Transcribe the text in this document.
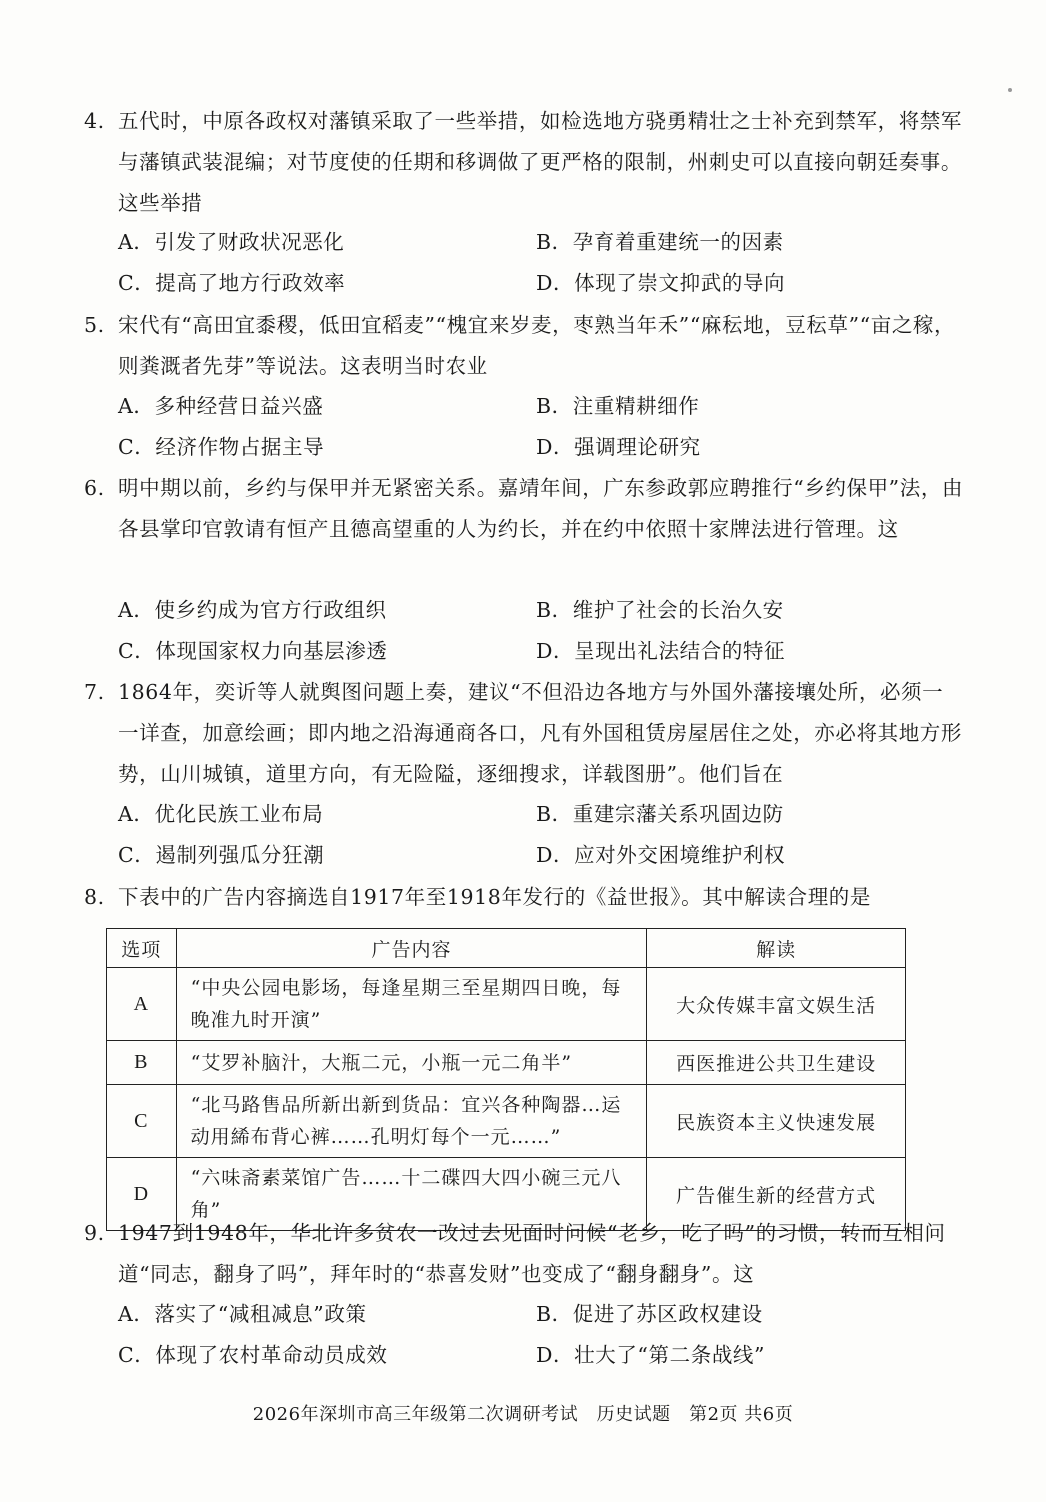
4. 五代时，中原各政权对藩镇采取了一些举措，如检选地方骁勇精壮之士补充到禁军，将禁军与藩镇武装混编；对节度使的任期和移调做了更严格的限制，州刺史可以直接向朝廷奏事。这些举措
A．引发了财政状况恶化	B．孕育着重建统一的因素
C．提高了地方行政效率	D．体现了崇文抑武的导向
5. 宋代有“高田宜黍稷，低田宜稻麦”“槐宜来岁麦，枣熟当年禾”“麻秐地，豆秐草”“亩之稼，则粪溉者先芽”等说法。这表明当时农业
A．多种经营日益兴盛	B．注重精耕细作
C．经济作物占据主导	D．强调理论研究
6. 明中期以前，乡约与保甲并无紧密关系。嘉靖年间，广东参政郭应聘推行“乡约保甲”法，由各县掌印官敦请有恒产且德高望重的人为约长，并在约中依照十家牌法进行管理。这
A．使乡约成为官方行政组织	B．维护了社会的长治久安
C．体现国家权力向基层渗透	D．呈现出礼法结合的特征
7. 1864年，奕䜣等人就舆图问题上奏，建议“不但沿边各地方与外国外藩接壤处所，必须一一详查，加意绘画；即内地之沿海通商各口，凡有外国租赁房屋居住之处，亦必将其地方形势，山川城镇，道里方向，有无险隘，逐细搜求，详载图册”。他们旨在
A．优化民族工业布局	B．重建宗藩关系巩固边防
C．遏制列强瓜分狂潮	D．应对外交困境维护利权
8. 下表中的广告内容摘选自1917年至1918年发行的《益世报》。其中解读合理的是
选项	广告内容	解读
A	“中央公园电影场，每逢星期三至星期四日晚，每晚准九时开演”	大众传媒丰富文娱生活
B	“艾罗补脑汁，大瓶二元，小瓶一元二角半”	西医推进公共卫生建设
C	“北马路售品所新出新到货品：宜兴各种陶器…运动用絺布背心裤……孔明灯每个一元……”	民族资本主义快速发展
D	“六味斋素菜馆广告……十二碟四大四小碗三元八角”	广告催生新的经营方式
9. 1947到1948年，华北许多贫农一改过去见面时问候“老乡，吃了吗”的习惯，转而互相问道“同志，翻身了吗”，拜年时的“恭喜发财”也变成了“翻身翻身”。这
A．落实了“减租减息”政策	B．促进了苏区政权建设
C．体现了农村革命动员成效	D．壮大了“第二条战线”
2026年深圳市高三年级第二次调研考试　历史试题　第2页 共6页
